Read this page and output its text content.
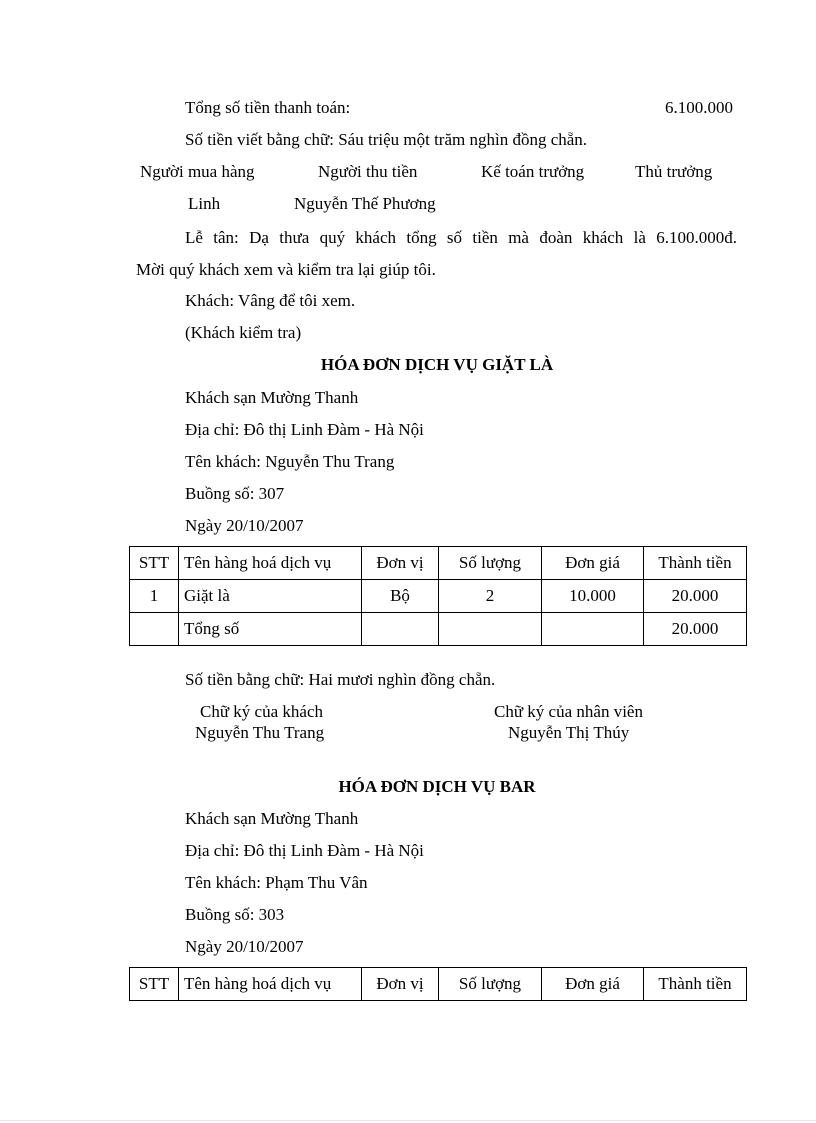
Tổng số tiền thanh toán:	6.100.000
Số tiền viết bằng chữ: Sáu triệu một trăm nghìn đồng chẵn.
Người mua hàng	Người thu tiền	Kế toán trưởng	Thủ trưởng
Linh	Nguyễn Thế Phương
Lễ tân: Dạ thưa quý khách tổng số tiền mà đoàn khách là 6.100.000đ.
Mời quý khách xem và kiểm tra lại giúp tôi.
Khách: Vâng để tôi xem.
(Khách kiểm tra)
HÓA ĐƠN DỊCH VỤ GIẶT LÀ
Khách sạn Mường Thanh
Địa chỉ: Đô thị Linh Đàm - Hà Nội
Tên khách: Nguyễn Thu Trang
Buồng số: 307
Ngày 20/10/2007
STT	Tên hàng hoá dịch vụ	Đơn vị	Số lượng	Đơn giá	Thành tiền
1	Giặt là	Bộ	2	10.000	20.000
	Tổng số				20.000
Số tiền bằng chữ: Hai mươi nghìn đồng chẵn.
Chữ ký của khách
Nguyễn Thu Trang
Chữ ký của nhân viên
Nguyễn Thị Thúy
HÓA ĐƠN DỊCH VỤ BAR
Khách sạn Mường Thanh
Địa chỉ: Đô thị Linh Đàm - Hà Nội
Tên khách: Phạm Thu Vân
Buồng số: 303
Ngày 20/10/2007
STT	Tên hàng hoá dịch vụ	Đơn vị	Số lượng	Đơn giá	Thành tiền
